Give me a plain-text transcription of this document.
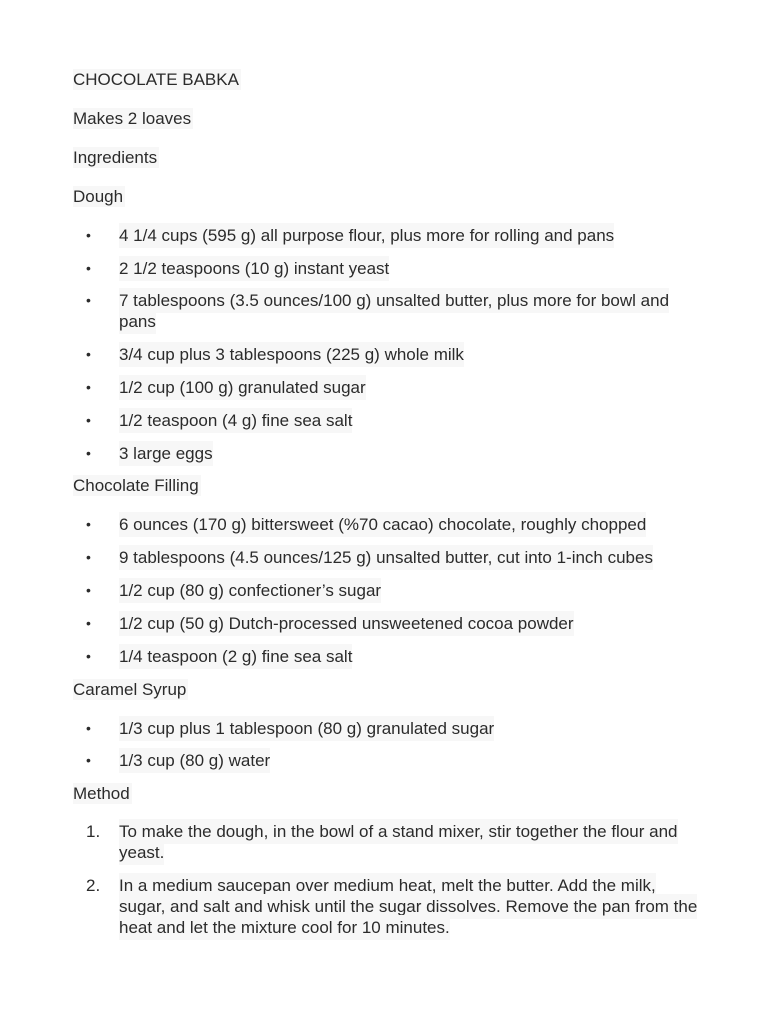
CHOCOLATE BABKA
Makes 2 loaves
Ingredients
Dough
• 4 1/4 cups (595 g) all purpose flour, plus more for rolling and pans
• 2 1/2 teaspoons (10 g) instant yeast
• 7 tablespoons (3.5 ounces/100 g) unsalted butter, plus more for bowl and pans
• 3/4 cup plus 3 tablespoons (225 g) whole milk
• 1/2 cup (100 g) granulated sugar
• 1/2 teaspoon (4 g) fine sea salt
• 3 large eggs
Chocolate Filling
• 6 ounces (170 g) bittersweet (%70 cacao) chocolate, roughly chopped
• 9 tablespoons (4.5 ounces/125 g) unsalted butter, cut into 1-inch cubes
• 1/2 cup (80 g) confectioner’s sugar
• 1/2 cup (50 g) Dutch-processed unsweetened cocoa powder
• 1/4 teaspoon (2 g) fine sea salt
Caramel Syrup
• 1/3 cup plus 1 tablespoon (80 g) granulated sugar
• 1/3 cup (80 g) water
Method
1. To make the dough, in the bowl of a stand mixer, stir together the flour and yeast.
2. In a medium saucepan over medium heat, melt the butter. Add the milk, sugar, and salt and whisk until the sugar dissolves. Remove the pan from the heat and let the mixture cool for 10 minutes.
